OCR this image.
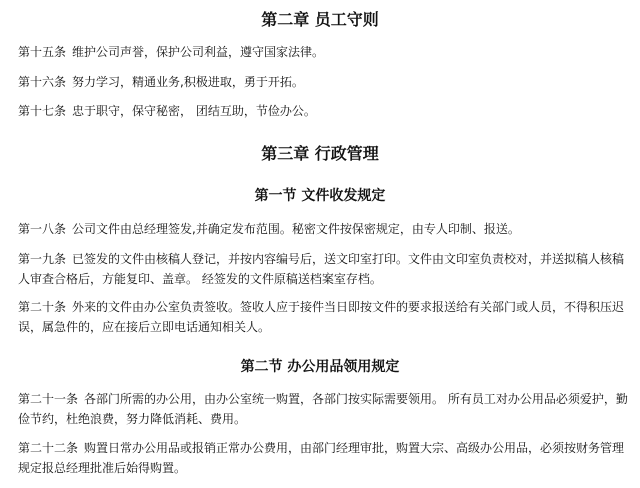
第二章 员工守则

第十五条 维护公司声誉，保护公司利益，遵守国家法律。

第十六条 努力学习，精通业务,积极进取，勇于开拓。

第十七条 忠于职守，保守秘密， 团结互助，节俭办公。

第三章 行政管理
第一节 文件收发规定

第一八条 公司文件由总经理签发,并确定发布范围。秘密文件按保密规定，由专人印制、报送。

第一九条 已签发的文件由核稿人登记，并按内容编号后，送文印室打印。文件由文印室负责校对，并送拟稿人核稿人审查合格后，方能复印、盖章。 经签发的文件原稿送档案室存档。

第二十条 外来的文件由办公室负责签收。签收人应于接件当日即按文件的要求报送给有关部门或人员，不得积压迟误，属急件的，应在接后立即电话通知相关人。

第二节 办公用品领用规定

第二十一条 各部门所需的办公用，由办公室统一购置，各部门按实际需要领用。 所有员工对办公用品必须爱护，勤俭节约，杜绝浪费，努力降低消耗、费用。

第二十二条 购置日常办公用品或报销正常办公费用，由部门经理审批，购置大宗、高级办公用品，必须按财务管理规定报总经理批准后始得购置。
